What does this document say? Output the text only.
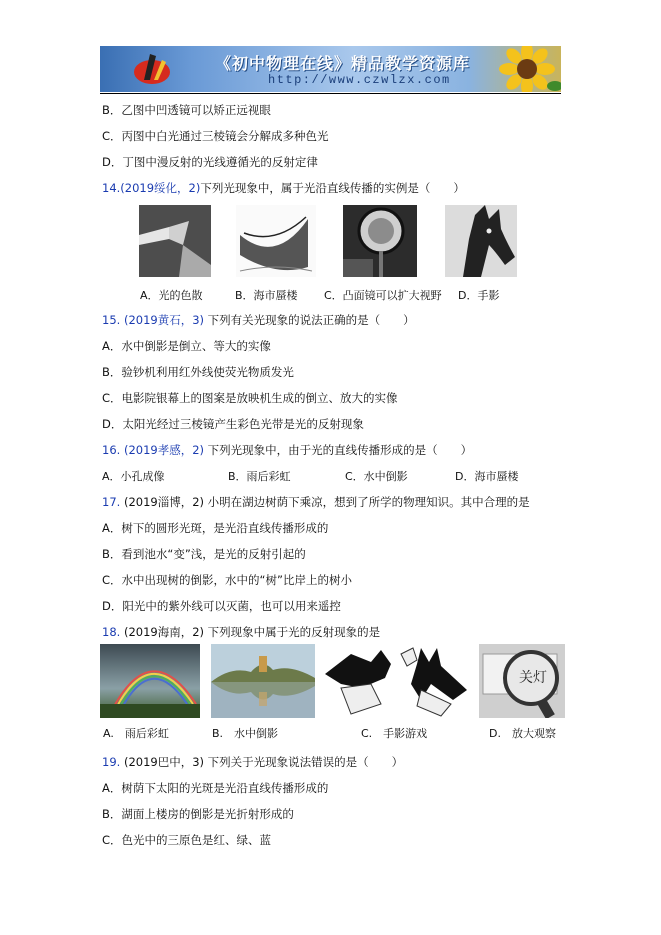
《初中物理在线》精品教学资源库
http://www.czwlzx.com
B．乙图中凹透镜可以矫正远视眼
C．丙图中白光通过三棱镜会分解成多种色光
D．丁图中漫反射的光线遵循光的反射定律
14.(2019绥化，2)下列光现象中，属于光沿直线传播的实例是（　　）
A．光的色散	B．海市蜃楼 C．凸面镜可以扩大视野 D．手影
15. (2019黄石，3) 下列有关光现象的说法正确的是（　　）
A．水中倒影是倒立、等大的实像
B．验钞机利用红外线使荧光物质发光
C．电影院银幕上的图案是放映机生成的倒立、放大的实像
D．太阳光经过三棱镜产生彩色光带是光的反射现象
16. (2019孝感，2) 下列光现象中，由于光的直线传播形成的是（　　）
A．小孔成像	B．雨后彩虹	C．水中倒影	D．海市蜃楼
17. (2019淄博，2) 小明在湖边树荫下乘凉，想到了所学的物理知识。其中合理的是
A．树下的圆形光斑，是光沿直线传播形成的
B．看到池水“变”浅，是光的反射引起的
C．水中出现树的倒影，水中的“树”比岸上的树小
D．阳光中的紫外线可以灭菌，也可以用来遥控
18. (2019海南，2) 下列现象中属于光的反射现象的是
关灯
A.　雨后彩虹	B.　水中倒影	C.　手影游戏	D.　放大观察
19. (2019巴中，3) 下列关于光现象说法错误的是（　　）
A．树荫下太阳的光斑是光沿直线传播形成的
B．湖面上楼房的倒影是光折射形成的
C．色光中的三原色是红、绿、蓝
